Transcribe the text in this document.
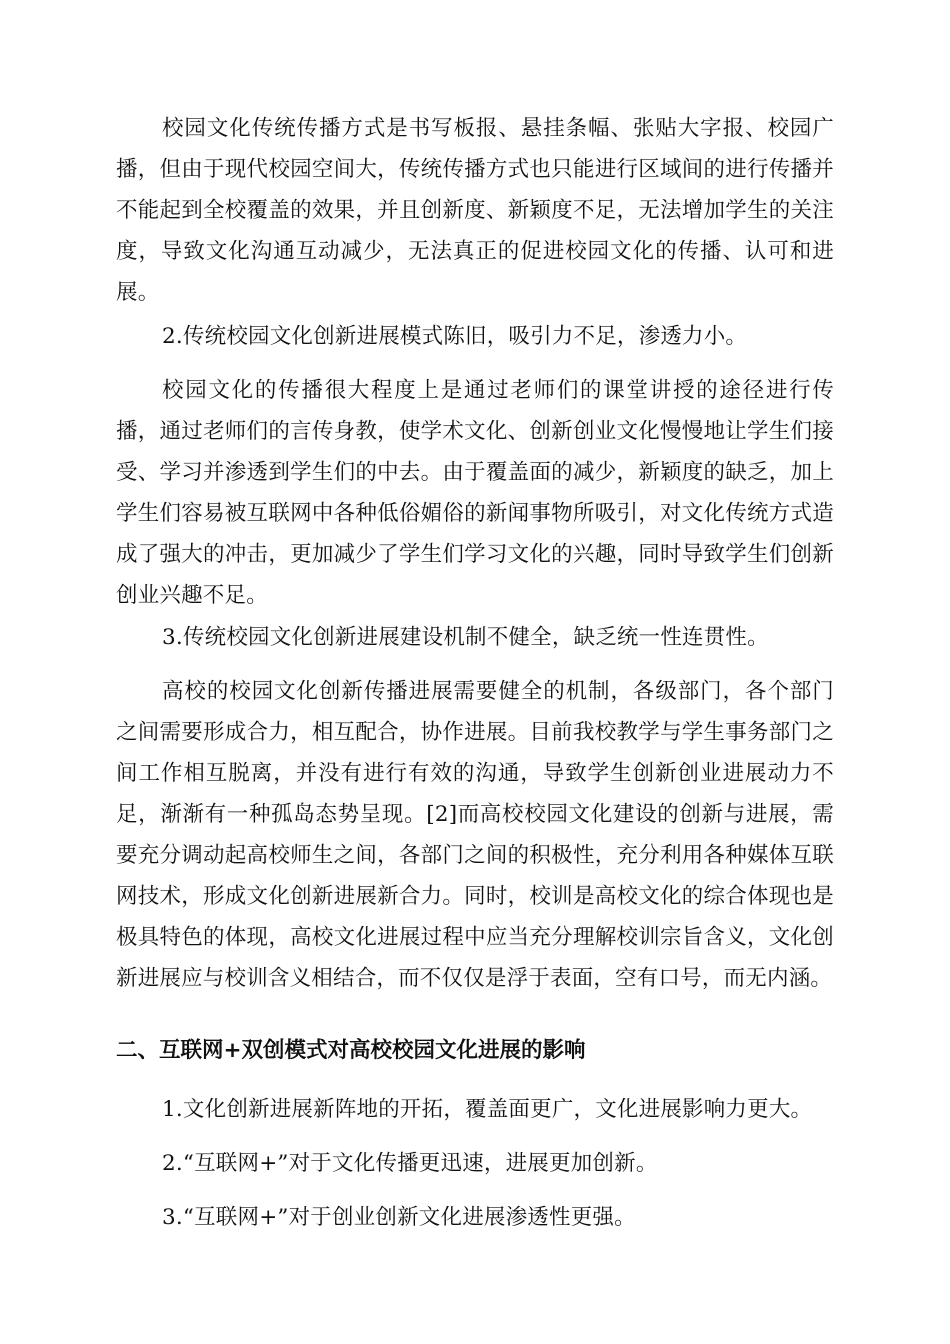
校园文化传统传播方式是书写板报、悬挂条幅、张贴大字报、校园广播，但由于现代校园空间大，传统传播方式也只能进行区域间的进行传播并不能起到全校覆盖的效果，并且创新度、新颖度不足，无法增加学生的关注度，导致文化沟通互动减少，无法真正的促进校园文化的传播、认可和进展。

2.传统校园文化创新进展模式陈旧，吸引力不足，渗透力小。

校园文化的传播很大程度上是通过老师们的课堂讲授的途径进行传播，通过老师们的言传身教，使学术文化、创新创业文化慢慢地让学生们接受、学习并渗透到学生们的中去。由于覆盖面的减少，新颖度的缺乏，加上学生们容易被互联网中各种低俗媚俗的新闻事物所吸引，对文化传统方式造成了强大的冲击，更加减少了学生们学习文化的兴趣，同时导致学生们创新创业兴趣不足。

3.传统校园文化创新进展建设机制不健全，缺乏统一性连贯性。

高校的校园文化创新传播进展需要健全的机制，各级部门，各个部门之间需要形成合力，相互配合，协作进展。目前我校教学与学生事务部门之间工作相互脱离，并没有进行有效的沟通，导致学生创新创业进展动力不足，渐渐有一种孤岛态势呈现。[2]而高校校园文化建设的创新与进展，需要充分调动起高校师生之间，各部门之间的积极性，充分利用各种媒体互联网技术，形成文化创新进展新合力。同时，校训是高校文化的综合体现也是极具特色的体现，高校文化进展过程中应当充分理解校训宗旨含义，文化创新进展应与校训含义相结合，而不仅仅是浮于表面，空有口号，而无内涵。

二、互联网+双创模式对高校校园文化进展的影响

1.文化创新进展新阵地的开拓，覆盖面更广，文化进展影响力更大。

2.“互联网+”对于文化传播更迅速，进展更加创新。

3.“互联网+”对于创业创新文化进展渗透性更强。
